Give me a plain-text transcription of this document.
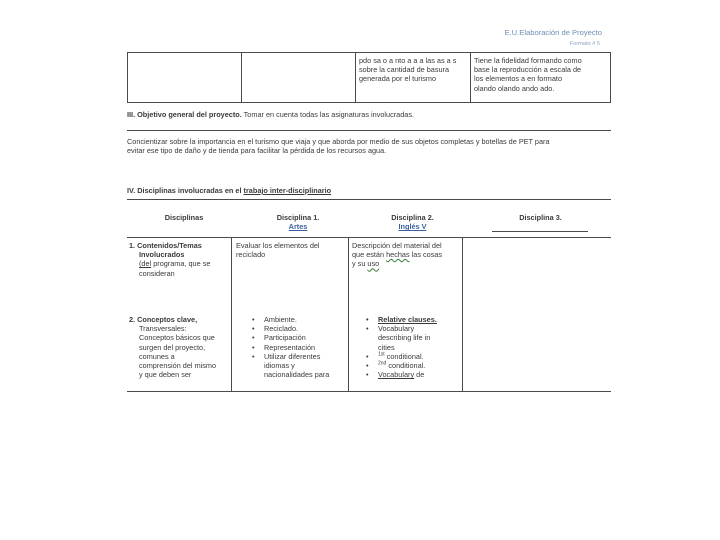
E.U.Elaboración de Proyecto
Formato # 5
pdo sa o a nto a a a las as a s
sobre la cantidad de basura
generada por el turismo
Tiene la fidelidad formando como
base la reproducción a escala de
los elementos a en formato
olando olando ando ado.
III. Objetivo general del proyecto. Tomar en cuenta todas las asignaturas involucradas.
Concientizar sobre la importancia en el turismo que viaja y que aborda por medio de sus objetos completas y botellas de PET para
evitar ese tipo de daño y de tienda para facilitar la pérdida de los recursos agua.
IV. Disciplinas involucradas en el trabajo inter-disciplinario
Disciplinas	Disciplina 1.
Artes
Disciplina 2.
Inglés V
Disciplina 3.
1. Contenidos/Temas
Involucrados
(del programa, que se
consideran
Evaluar los elementos del
reciclado
Descripción del material del
que están hechas las cosas
y su uso
2. Conceptos clave,
Transversales:
Conceptos básicos que
surgen del proyecto,
comunes a
comprensión del mismo
y que deben ser
• Ambiente.
• Reciclado.
• Participación
• Representación
• Utilizar diferentes
idiomas y
nacionalidades para
• Relative clauses.
• Vocabulary
describing life in
cities
• $^{1st}$ conditional.
• $^{2nd}$ conditional.
• Vocabulary de
